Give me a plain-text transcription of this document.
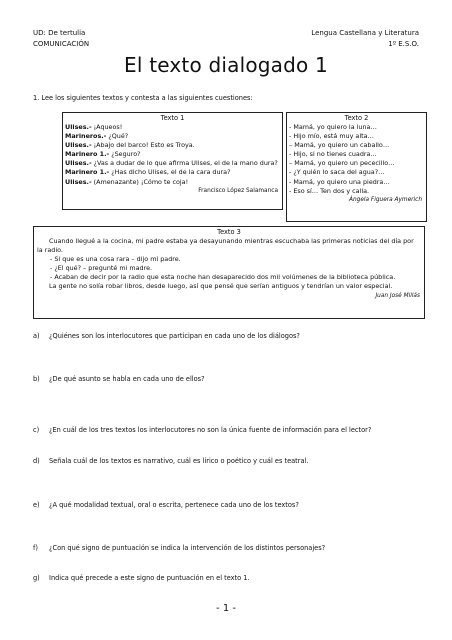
UD: De tertulia
COMUNICACIÓN
Lengua Castellana y Literatura
1º E.S.O.
El texto dialogado 1
1. Lee los siguientes textos y contesta a las siguientes cuestiones:
Texto 1
Ulises.- ¡Aqueos!
Marineros.- ¿Qué?
Ulises.- ¡Abajo del barco! Esto es Troya.
Marinero 1.- ¿Seguro?
Ulises.- ¿Vas a dudar de lo que afirma Ulises, el de la mano dura?
Marinero 1.- ¿Has dicho Ulises, el de la cara dura?
Ulises.- (Amenazante) ¡Cómo te coja!
Francisco López Salamanca
Texto 2
- Mamá, yo quiero la luna…
- Hijo mío, está muy alta…
– Mamá, yo quiero un caballo…
- Hijo, si no tienes cuadra…
– Mamá, yo quiero un pececillo…
- ¿Y quién lo saca del agua?…
- Mamá, yo quiero una piedra…
- Eso sí… Ten dos y calla.
Ángela Figuera Aymerich
Texto 3
Cuando llegué a la cocina, mi padre estaba ya desayunando mientras escuchaba las primeras noticias del día por la radio.
- Si que es una cosa rara – dijo mi padre.
- ¿El qué? – pregunté mi madre.
- Acaban de decir por la radio que esta noche han desaparecido dos mil volúmenes de la biblioteca pública.
La gente no solía robar libros, desde luego, así que pensé que serían antiguos y tendrían un valor especial.
Juan José Millás
a) ¿Quiénes son los interlocutores que participan en cada uno de los diálogos?
b) ¿De qué asunto se habla en cada uno de ellos?
c) ¿En cuál de los tres textos los interlocutores no son la única fuente de información para el lector?
d) Señala cuál de los textos es narrativo, cuál es lírico o poético y cuál es teatral.
e) ¿A qué modalidad textual, oral o escrita, pertenece cada uno de los textos?
f) ¿Con qué signo de puntuación se indica la intervención de los distintos personajes?
g) Indica qué precede a este signo de puntuación en el texto 1.
- 1 -
